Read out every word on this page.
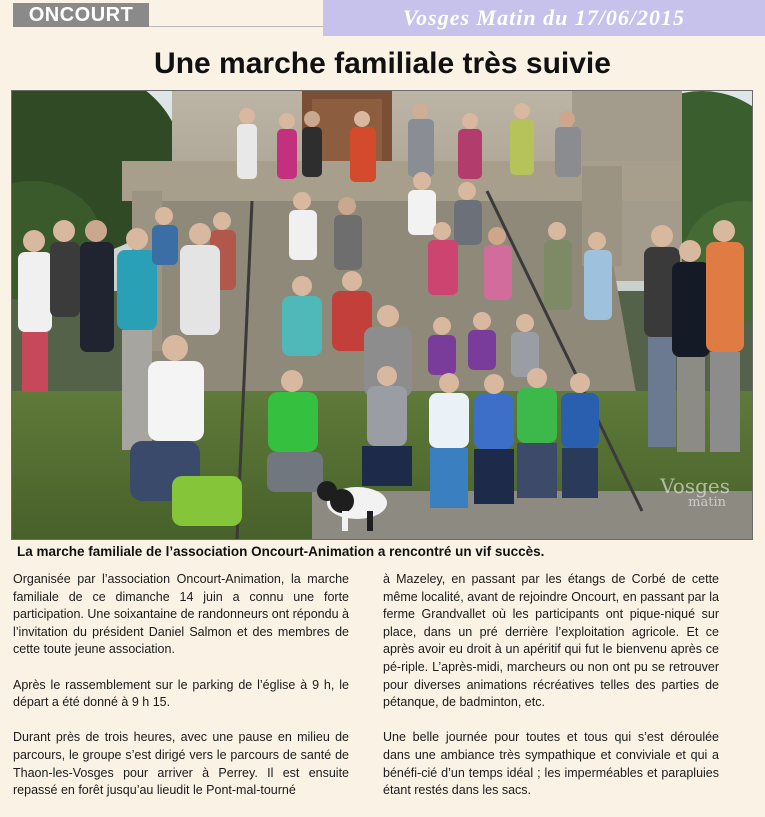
ONCOURT	Vosges Matin du 17/06/2015
Une marche familiale très suivie
Vosges
matin
La marche familiale de l’association Oncourt-Animation a rencontré un vif succès.

Organisée par l’association Oncourt-Animation, la marche familiale de ce dimanche 14 juin a connu une forte participation. Une soixantaine de randonneurs ont répondu à l’invitation du président Daniel Salmon et des membres de cette toute jeune association.

Après le rassemblement sur le parking de l’église à 9 h, le départ a été donné à 9 h 15.

Durant près de trois heures, avec une pause en milieu de parcours, le groupe s’est dirigé vers le parcours de santé de Thaon-les-Vosges pour arriver à Perrey. Il est ensuite repassé en forêt jusqu’au lieudit le Pont-mal-tourné

à Mazeley, en passant par les étangs de Corbé de cette même localité, avant de rejoindre Oncourt, en passant par la ferme Grandvallet où les participants ont pique-niqué sur place, dans un pré derrière l’exploitation agricole. Et ce après avoir eu droit à un apéritif qui fut le bienvenu après ce pé-riple. L’après-midi, marcheurs ou non ont pu se retrouver pour diverses animations récréatives telles des parties de pétanque, de badminton, etc.

Une belle journée pour toutes et tous qui s’est déroulée dans une ambiance très sympathique et conviviale et qui a bénéfi-cié d’un temps idéal ; les imperméables et parapluies étant restés dans les sacs.
